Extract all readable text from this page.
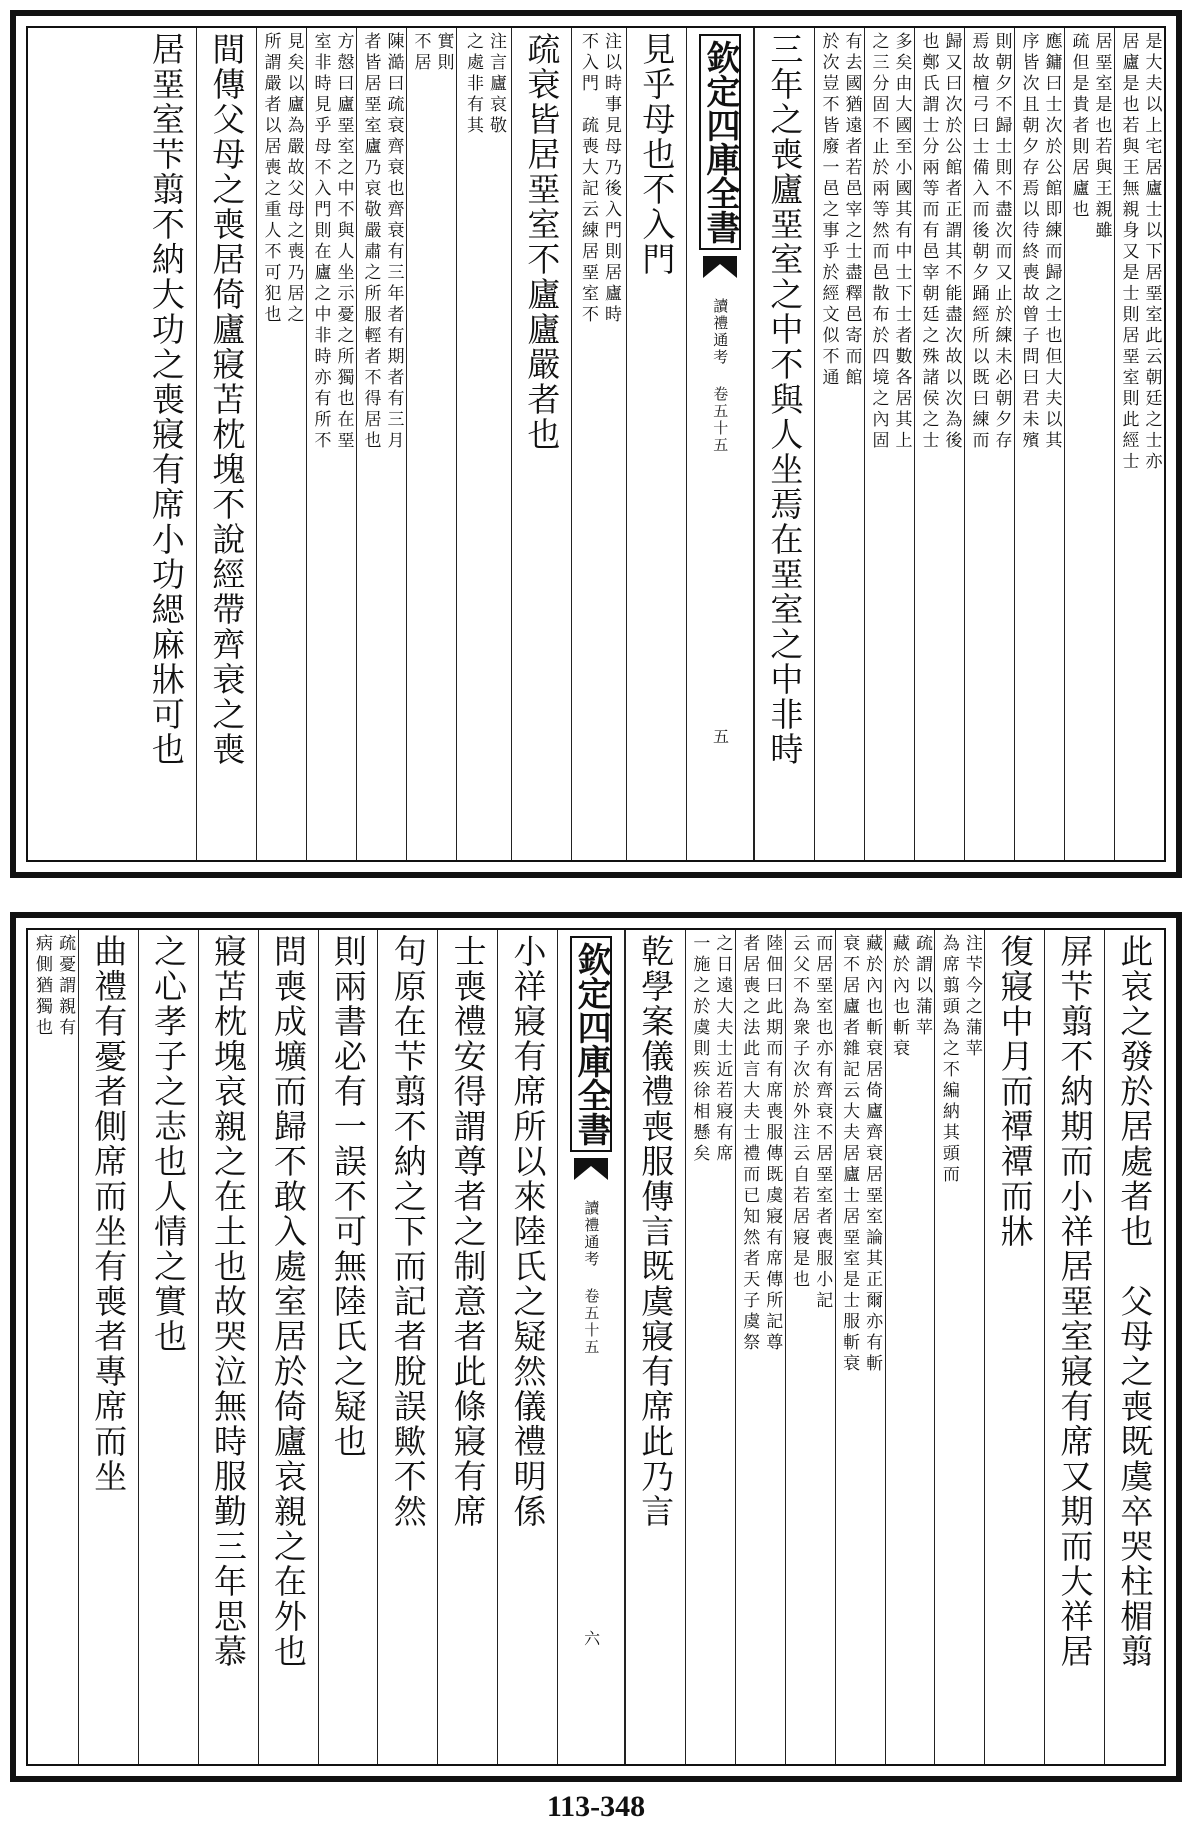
是大夫以上宅居廬士以下居堊室此云朝廷之士亦
居廬是也若與王無親身又是士則居堊室則此經士
居堊室是也若與王親雖
疏但是貴者則居廬也
應鏞曰士次於公館即練而歸之士也但大夫以其
序皆次且朝夕存焉以待終喪故曾子問曰君未殯
則朝夕不歸士則不盡次而又止於練未必朝夕存
焉故檀弓曰士備入而後朝夕踊經所以既曰練而
歸又曰次於公館者正謂其不能盡次故以次為後
也鄭氏謂士分兩等而有邑宰朝廷之殊諸侯之士
多矣由大國至小國其有中士下士者數各居其上
之三分固不止於兩等然而邑散布於四境之內固
有去國猶遠者若邑宰之士盡釋邑寄而館
於次豈不皆廢一邑之事乎於經文似不通
三年之喪廬堊室之中不與人坐焉在堊室之中非時
欽定四庫全書
讀禮通考 卷五十五
五
見乎母也不入門
注以時事見母乃後入門則居廬時
不入門　疏喪大記云練居堊室不
疏衰皆居堊室不廬廬嚴者也
注言廬哀敬
之處非有其
實則
不居
陳澔曰疏衰齊衰也齊衰有三年者有期者有三月
者皆居堊室廬乃哀敬嚴肅之所服輕者不得居也
方慤曰廬堊室之中不與人坐示憂之所獨也在堊
室非時見乎母不入門則在廬之中非時亦有所不
見矣以廬為嚴故父母之喪乃居之
所謂嚴者以居喪之重人不可犯也
間傳父母之喪居倚廬寢苫枕塊不說經帶齊衰之喪
居堊室芐翦不納大功之喪寢有席小功緦麻牀可也
此哀之發於居處者也　父母之喪既虞卒哭柱楣翦
屏芐翦不納期而小祥居堊室寢有席又期而大祥居
復寢中月而禫禫而牀
注芐今之蒲苹
為席翦頭為之不編納其頭而
疏謂以蒲苹
藏於內也斬衰
藏於內也斬衰居倚廬齊衰居堊室論其正爾亦有斬
衰不居廬者雜記云大夫居廬士居堊室是士服斬衰
而居堊室也亦有齊衰不居堊室者喪服小記
云父不為衆子次於外注云自若居寢是也
陸佃曰此期而有席喪服傳既虞寢有席傳所記尊
者居喪之法此言大夫士禮而已知然者天子虞祭
之日遠大夫士近若寢有席
一施之於虞則疾徐相懸矣
乾學案儀禮喪服傳言既虞寢有席此乃言
欽定四庫全書
讀禮通考 卷五十五
六
小祥寢有席所以來陸氏之疑然儀禮明係
士喪禮安得謂尊者之制意者此條寢有席
句原在芐翦不納之下而記者脫誤歟不然
則兩書必有一誤不可無陸氏之疑也
問喪成壙而歸不敢入處室居於倚廬哀親之在外也
寢苫枕塊哀親之在土也故哭泣無時服勤三年思慕
之心孝子之志也人情之實也
曲禮有憂者側席而坐有喪者專席而坐
疏憂謂親有
病側猶獨也
113-348
